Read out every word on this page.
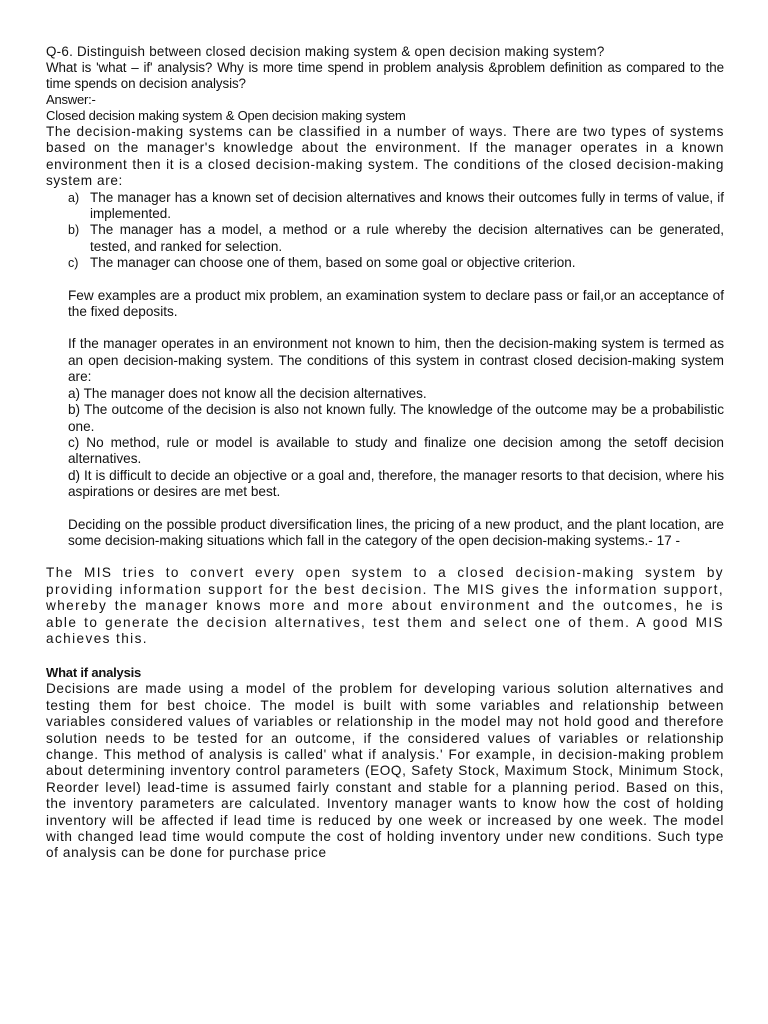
Q-6. Distinguish between closed decision making system & open decision making system?
What is 'what – if' analysis? Why is more time spend in problem analysis &problem definition as compared to the time spends on decision analysis?
Answer:-
Closed decision making system & Open decision making system
The decision-making systems can be classified in a number of ways. There are two types of systems based on the manager's knowledge about the environment. If the manager operates in a known environment then it is a closed decision-making system. The conditions of the closed decision-making system are:
a) The manager has a known set of decision alternatives and knows their outcomes fully in terms of value, if implemented.
b) The manager has a model, a method or a rule whereby the decision alternatives can be generated, tested, and ranked for selection.
c) The manager can choose one of them, based on some goal or objective criterion.
Few examples are a product mix problem, an examination system to declare pass or fail,or an acceptance of the fixed deposits.
If the manager operates in an environment not known to him, then the decision-making system is termed as an open decision-making system. The conditions of this system in contrast closed decision-making system are:
a) The manager does not know all the decision alternatives.
b) The outcome of the decision is also not known fully. The knowledge of the outcome may be a probabilistic one.
c) No method, rule or model is available to study and finalize one decision among the setoff decision alternatives.
d) It is difficult to decide an objective or a goal and, therefore, the manager resorts to that decision, where his aspirations or desires are met best.
Deciding on the possible product diversification lines, the pricing of a new product, and the plant location, are some decision-making situations which fall in the category of the open decision-making systems.- 17 -
The MIS tries to convert every open system to a closed decision-making system by providing information support for the best decision. The MIS gives the information support, whereby the manager knows more and more about environment and the outcomes, he is able to generate the decision alternatives, test them and select one of them. A good MIS achieves this.
What if analysis
Decisions are made using a model of the problem for developing various solution alternatives and testing them for best choice. The model is built with some variables and relationship between variables considered values of variables or relationship in the model may not hold good and therefore solution needs to be tested for an outcome, if the considered values of variables or relationship change. This method of analysis is called' what if analysis.' For example, in decision-making problem about determining inventory control parameters (EOQ, Safety Stock, Maximum Stock, Minimum Stock, Reorder level) lead-time is assumed fairly constant and stable for a planning period. Based on this, the inventory parameters are calculated. Inventory manager wants to know how the cost of holding inventory will be affected if lead time is reduced by one week or increased by one week. The model with changed lead time would compute the cost of holding inventory under new conditions. Such type of analysis can be done for purchase price
